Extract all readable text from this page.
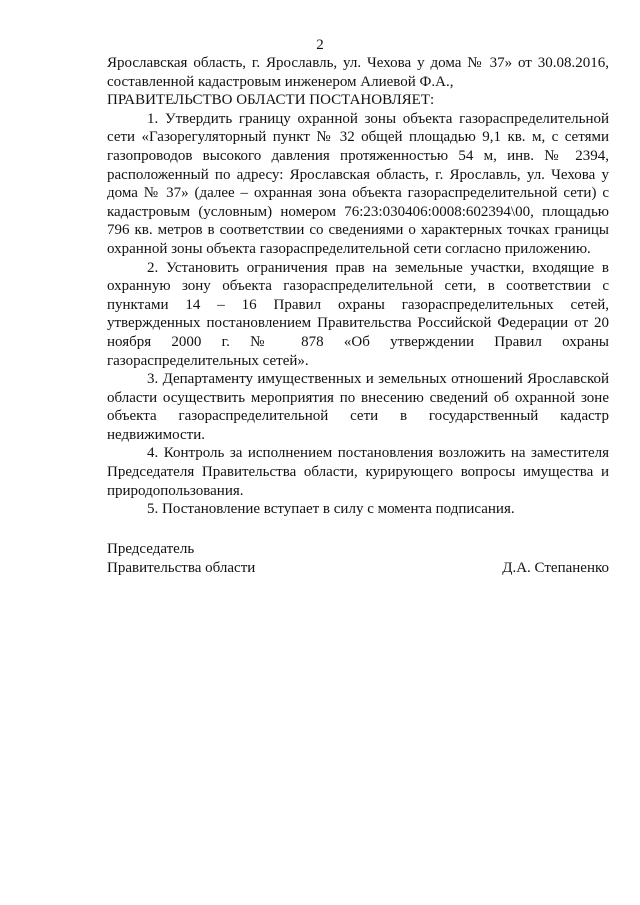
2

Ярославская область, г. Ярославль, ул. Чехова у дома № 37» от 30.08.2016, составленной кадастровым инженером Алиевой Ф.А.,

ПРАВИТЕЛЬСТВО ОБЛАСТИ ПОСТАНОВЛЯЕТ:

1. Утвердить границу охранной зоны объекта газораспределительной сети «Газорегуляторный пункт № 32 общей площадью 9,1 кв. м, с сетями газопроводов высокого давления протяженностью 54 м, инв. № 2394, расположенный по адресу: Ярославская область, г. Ярославль, ул. Чехова у дома № 37» (далее – охранная зона объекта газораспределительной сети) с кадастровым (условным) номером 76:23:030406:0008:602394\00, площадью 796 кв. метров в соответствии со сведениями о характерных точках границы охранной зоны объекта газораспределительной сети согласно приложению.

2. Установить ограничения прав на земельные участки, входящие в охранную зону объекта газораспределительной сети, в соответствии с пунктами 14 – 16 Правил охраны газораспределительных сетей, утвержденных постановлением Правительства Российской Федерации от 20 ноября 2000 г. № 878 «Об утверждении Правил охраны газораспределительных сетей».

3. Департаменту имущественных и земельных отношений Ярославской области осуществить мероприятия по внесению сведений об охранной зоне объекта газораспределительной сети в государственный кадастр недвижимости.

4. Контроль за исполнением постановления возложить на заместителя Председателя Правительства области, курирующего вопросы имущества и природопользования.

5. Постановление вступает в силу с момента подписания.

Председатель
Правительства области	Д.А. Степаненко
